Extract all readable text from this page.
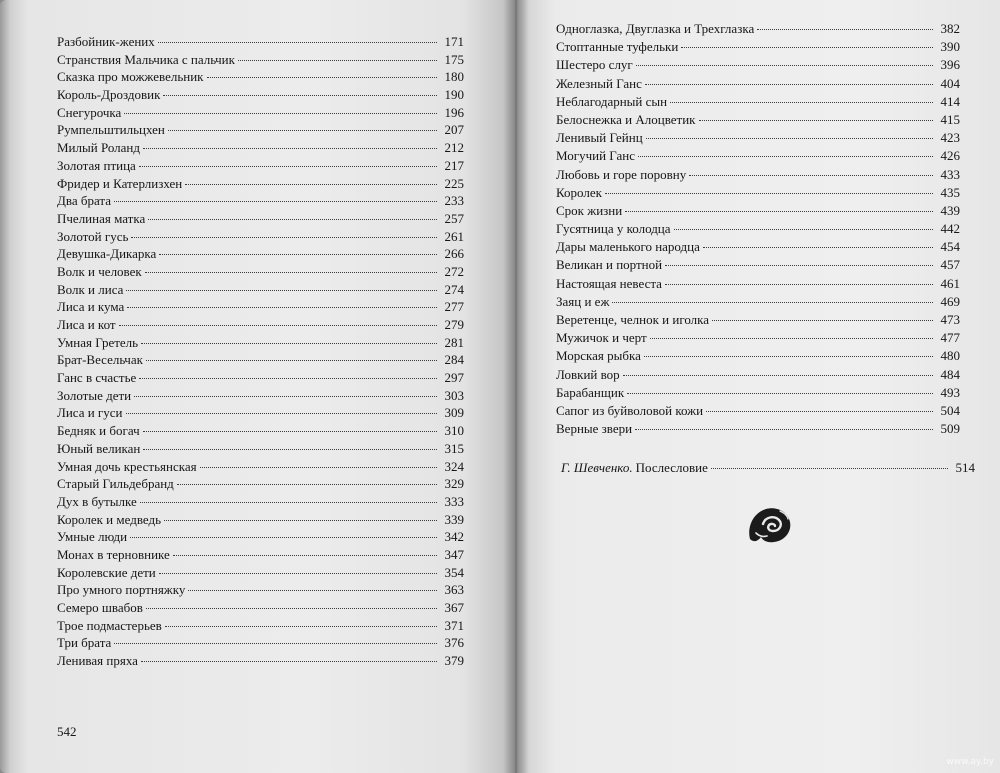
Разбойник-жених	171
Странствия Мальчика с пальчик	175
Сказка про можжевельник	180
Король-Дроздовик	190
Снегурочка	196
Румпельштильцхен	207
Милый Роланд	212
Золотая птица	217
Фридер и Катерлизхен	225
Два брата	233
Пчелиная матка	257
Золотой гусь	261
Девушка-Дикарка	266
Волк и человек	272
Волк и лиса	274
Лиса и кума	277
Лиса и кот	279
Умная Гретель	281
Брат-Весельчак	284
Ганс в счастье	297
Золотые дети	303
Лиса и гуси	309
Бедняк и богач	310
Юный великан	315
Умная дочь крестьянская	324
Старый Гильдебранд	329
Дух в бутылке	333
Королек и медведь	339
Умные люди	342
Монах в терновнике	347
Королевские дети	354
Про умного портняжку	363
Семеро швабов	367
Трое подмастерьев	371
Три брата	376
Ленивая пряха	379
542
Одноглазка, Двуглазка и Трехглазка	382
Стоптанные туфельки	390
Шестеро слуг	396
Железный Ганс	404
Неблагодарный сын	414
Белоснежка и Алоцветик	415
Ленивый Гейнц	423
Могучий Ганс	426
Любовь и горе поровну	433
Королек	435
Срок жизни	439
Гусятница у колодца	442
Дары маленького народца	454
Великан и портной	457
Настоящая невеста	461
Заяц и еж	469
Веретенце, челнок и иголка	473
Мужичок и черт	477
Морская рыбка	480
Ловкий вор	484
Барабанщик	493
Сапог из буйволовой кожи	504
Верные звери	509
Г. Шевченко. Послесловие	514
www.ay.by
